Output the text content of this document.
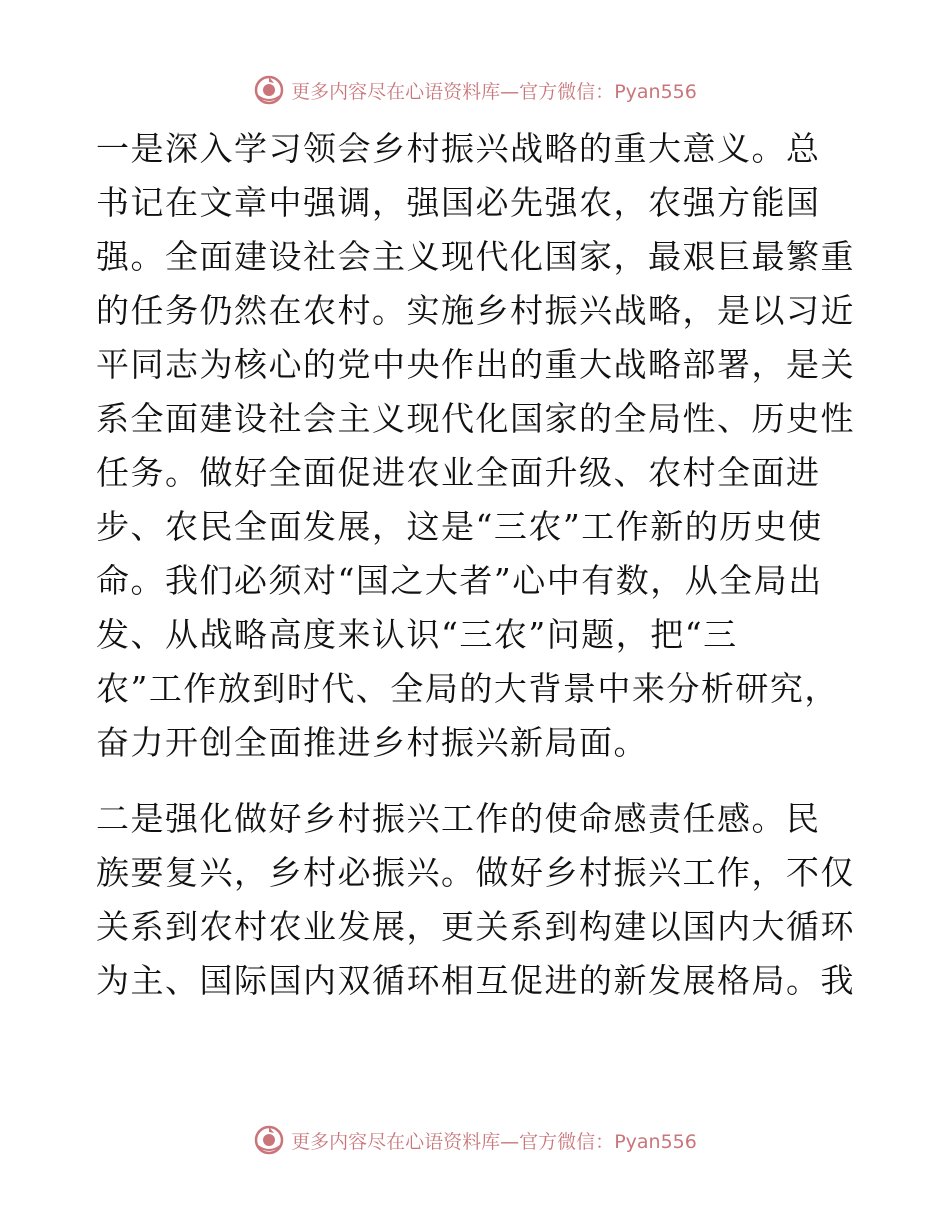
更多内容尽在心语资料库—官方微信：Pyan556

一是深入学习领会乡村振兴战略的重大意义。总
书记在文章中强调，强国必先强农，农强方能国
强。全面建设社会主义现代化国家，最艰巨最繁重
的任务仍然在农村。实施乡村振兴战略，是以习近
平同志为核心的党中央作出的重大战略部署，是关
系全面建设社会主义现代化国家的全局性、历史性
任务。做好全面促进农业全面升级、农村全面进
步、农民全面发展，这是“三农”工作新的历史使
命。我们必须对“国之大者”心中有数，从全局出
发、从战略高度来认识“三农”问题，把“三
农”工作放到时代、全局的大背景中来分析研究，
奋力开创全面推进乡村振兴新局面。

二是强化做好乡村振兴工作的使命感责任感。民
族要复兴，乡村必振兴。做好乡村振兴工作，不仅
关系到农村农业发展，更关系到构建以国内大循环
为主、国际国内双循环相互促进的新发展格局。我

更多内容尽在心语资料库—官方微信：Pyan556
